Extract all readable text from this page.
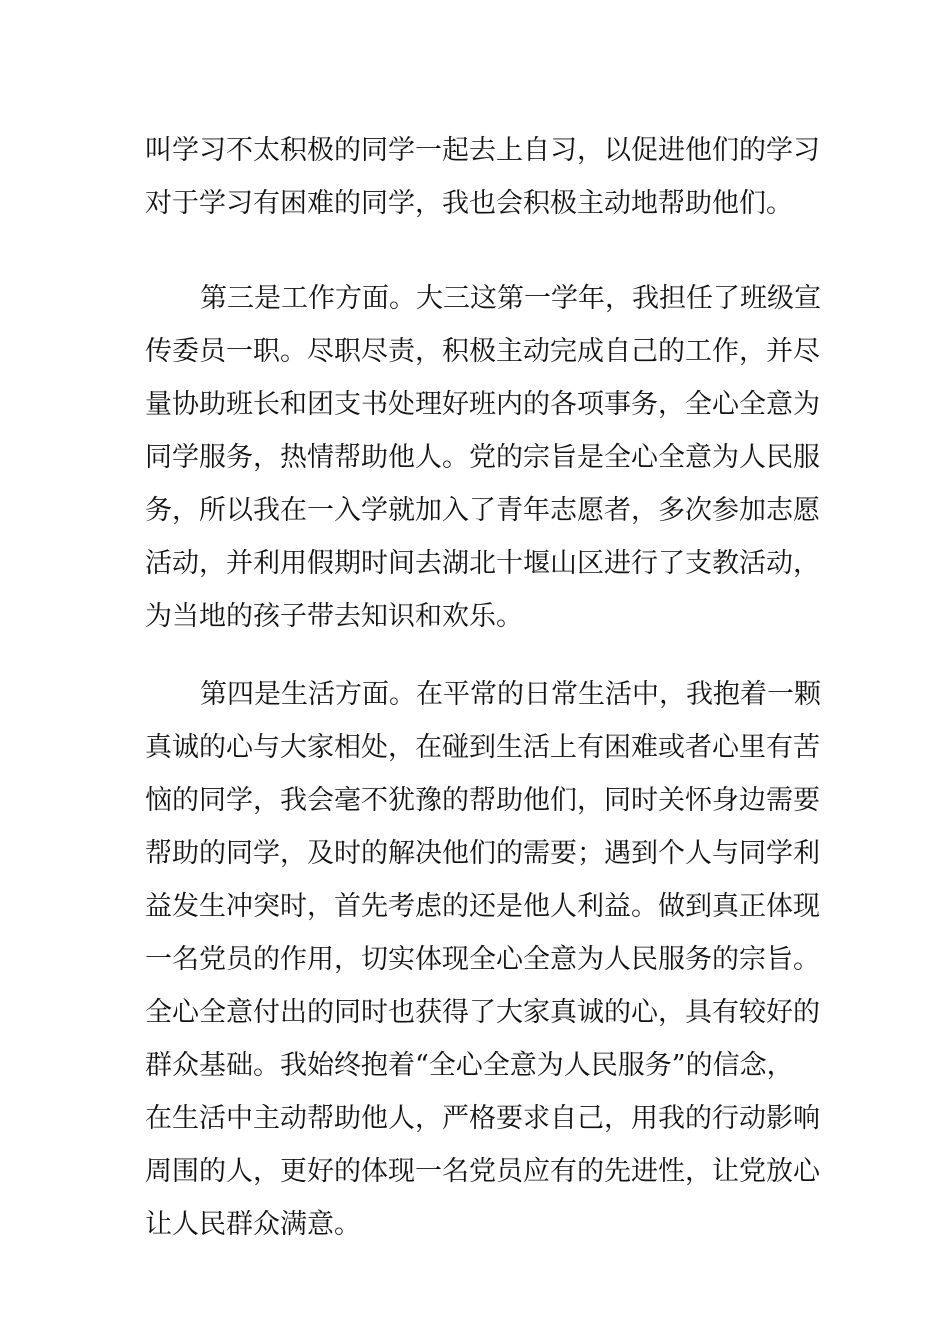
叫学习不太积极的同学一起去上自习，以促进他们的学习
对于学习有困难的同学，我也会积极主动地帮助他们。
第三是工作方面。大三这第一学年，我担任了班级宣
传委员一职。尽职尽责，积极主动完成自己的工作，并尽
量协助班长和团支书处理好班内的各项事务，全心全意为
同学服务，热情帮助他人。党的宗旨是全心全意为人民服
务，所以我在一入学就加入了青年志愿者，多次参加志愿
活动，并利用假期时间去湖北十堰山区进行了支教活动，
为当地的孩子带去知识和欢乐。
第四是生活方面。在平常的日常生活中，我抱着一颗
真诚的心与大家相处，在碰到生活上有困难或者心里有苦
恼的同学，我会毫不犹豫的帮助他们，同时关怀身边需要
帮助的同学，及时的解决他们的需要；遇到个人与同学利
益发生冲突时，首先考虑的还是他人利益。做到真正体现
一名党员的作用，切实体现全心全意为人民服务的宗旨。
全心全意付出的同时也获得了大家真诚的心，具有较好的
群众基础。我始终抱着“全心全意为人民服务”的信念，
在生活中主动帮助他人，严格要求自己，用我的行动影响
周围的人，更好的体现一名党员应有的先进性，让党放心
让人民群众满意。
